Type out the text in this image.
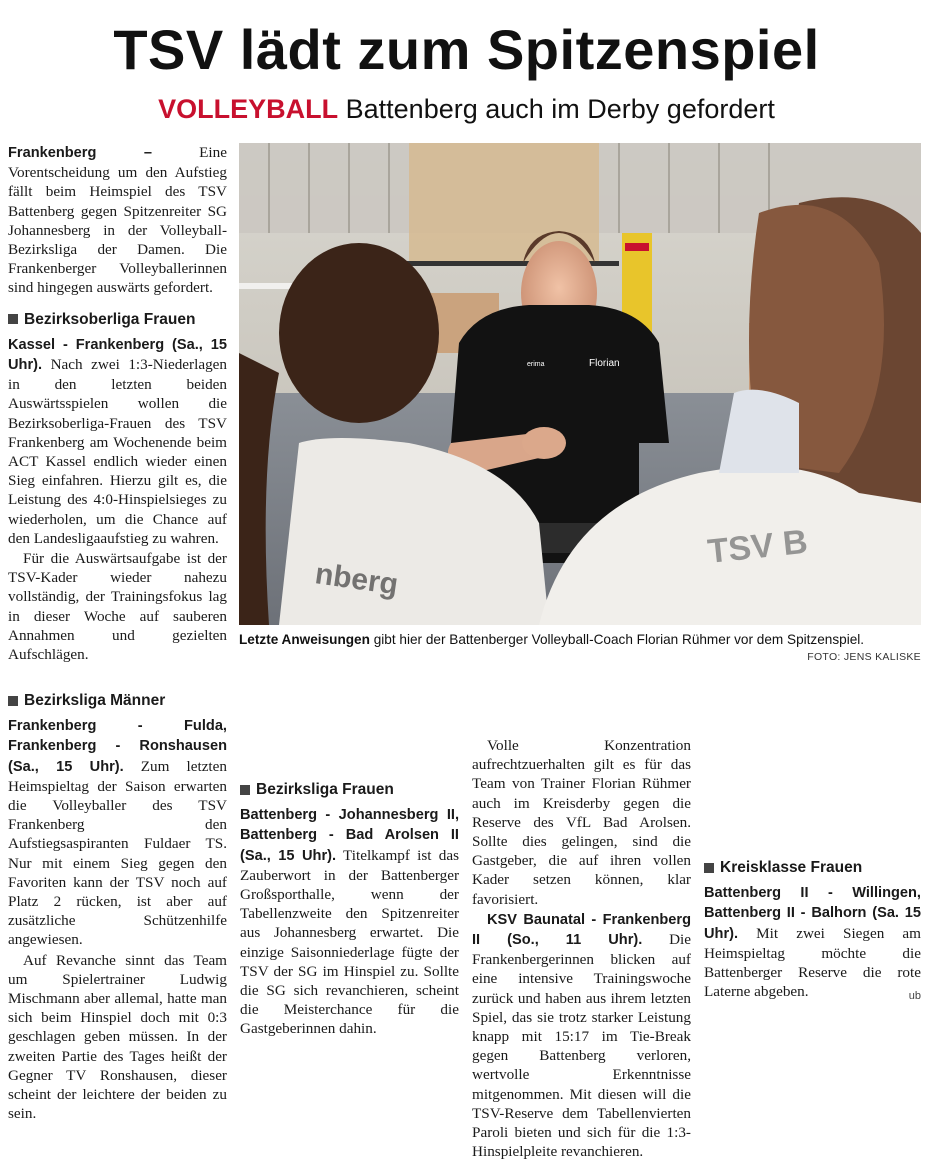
TSV lädt zum Spitzenspiel
VOLLEYBALL Battenberg auch im Derby gefordert

Frankenberg –	Eine Vorentscheidung um den Aufstieg fällt beim Heimspiel des TSV Battenberg gegen Spitzenreiter SG Johannesberg in der Volleyball-Bezirksliga der Damen. Die Frankenberger Volleyballerinnen sind hingegen auswärts gefordert.

Bezirksoberliga Frauen

Kassel - Frankenberg (Sa., 15 Uhr). Nach zwei 1:3-Niederlagen in den letzten beiden Auswärtsspielen wollen die Bezirksoberliga-Frauen des TSV Frankenberg am Wochenende beim ACT Kassel endlich wieder einen Sieg einfahren. Hierzu gilt es, die Leistung des 4:0-Hinspielsieges zu wiederholen, um die Chance auf den Landesligaaufstieg zu wahren.

Für die Auswärtsaufgabe ist der TSV-Kader wieder nahezu vollständig, der Trainingsfokus lag in dieser Woche auf sauberen Annahmen und gezielten Aufschlägen.

Florian
erima
nberg
TSV B
Letzte Anweisungen gibt hier der Battenberger Volleyball-Coach Florian Rühmer vor dem Spitzenspiel.
FOTO: JENS KALISKE
Bezirksliga Männer

Frankenberg - Fulda, Frankenberg - Ronshausen (Sa., 15 Uhr). Zum letzten Heimspieltag der Saison erwarten die Volleyballer des TSV Frankenberg den Aufstiegsaspiranten Fuldaer TS. Nur mit einem Sieg gegen den Favoriten kann der TSV noch auf Platz 2 rücken, ist aber auf zusätzliche Schützenhilfe angewiesen.

Auf Revanche sinnt das Team um Spielertrainer Ludwig Mischmann aber allemal, hatte man sich beim Hinspiel doch mit 0:3 geschlagen geben müssen. In der zweiten Partie des Tages heißt der Gegner TV Ronshausen, dieser scheint der leichtere der beiden zu sein.

Bezirksliga Frauen

Battenberg - Johannesberg II, Battenberg - Bad Arolsen II (Sa., 15 Uhr). Titelkampf ist das Zauberwort in der Battenberger Großsporthalle, wenn der Tabellenzweite den Spitzenreiter aus Johannesberg erwartet. Die einzige Saisonniederlage fügte der TSV der SG im Hinspiel zu. Sollte die SG sich revanchieren, scheint die Meisterchance für die Gastgeberinnen dahin.

Volle Konzentration aufrechtzuerhalten gilt es für das Team von Trainer Florian Rühmer auch im Kreisderby gegen die Reserve des VfL Bad Arolsen. Sollte dies gelingen, sind die Gastgeber, die auf ihren vollen Kader setzen können, klar favorisiert.

KSV Baunatal - Frankenberg II (So., 11 Uhr). Die Frankenbergerinnen blicken auf eine intensive Trainingswoche zurück und haben aus ihrem letzten Spiel, das sie trotz starker Leistung knapp mit 15:17 im Tie-Break gegen Battenberg verloren, wertvolle Erkenntnisse mitgenommen. Mit diesen will die TSV-Reserve dem Tabellenvierten Paroli bieten und sich für die 1:3-Hinspielpleite revanchieren.

Kreisklasse Frauen

Battenberg II - Willingen, Battenberg II - Balhorn (Sa. 15 Uhr). Mit zwei Siegen am Heimspieltag möchte die Battenberger Reserve die rote Laterne abgeben.	ub
